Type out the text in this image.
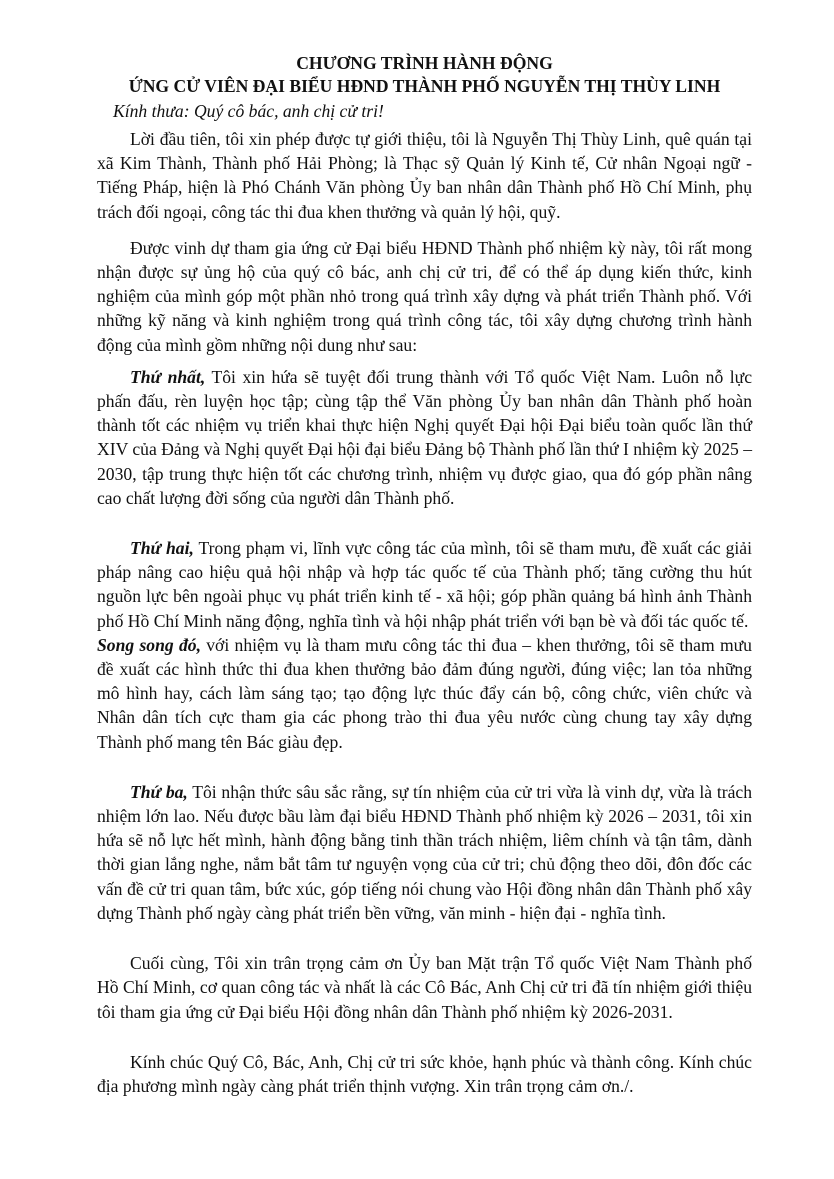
CHƯƠNG TRÌNH HÀNH ĐỘNG
ỨNG CỬ VIÊN ĐẠI BIỂU HĐND THÀNH PHỐ NGUYỄN THỊ THÙY LINH

Kính thưa: Quý cô bác, anh chị cử tri!

Lời đầu tiên, tôi xin phép được tự giới thiệu, tôi là Nguyễn Thị Thùy Linh, quê quán tại xã Kim Thành, Thành phố Hải Phòng; là Thạc sỹ Quản lý Kinh tế, Cử nhân Ngoại ngữ - Tiếng Pháp, hiện là Phó Chánh Văn phòng Ủy ban nhân dân Thành phố Hồ Chí Minh, phụ trách đối ngoại, công tác thi đua khen thưởng và quản lý hội, quỹ.

Được vinh dự tham gia ứng cử Đại biểu HĐND Thành phố nhiệm kỳ này, tôi rất mong nhận được sự ủng hộ của quý cô bác, anh chị cử tri, để có thể áp dụng kiến thức, kinh nghiệm của mình góp một phần nhỏ trong quá trình xây dựng và phát triển Thành phố. Với những kỹ năng và kinh nghiệm trong quá trình công tác, tôi xây dựng chương trình hành động của mình gồm những nội dung như sau:

Thứ nhất, Tôi xin hứa sẽ tuyệt đối trung thành với Tổ quốc Việt Nam. Luôn nỗ lực phấn đấu, rèn luyện học tập; cùng tập thể Văn phòng Ủy ban nhân dân Thành phố hoàn thành tốt các nhiệm vụ triển khai thực hiện Nghị quyết Đại hội Đại biểu toàn quốc lần thứ XIV của Đảng và Nghị quyết Đại hội đại biểu Đảng bộ Thành phố lần thứ I nhiệm kỳ 2025 – 2030, tập trung thực hiện tốt các chương trình, nhiệm vụ được giao, qua đó góp phần nâng cao chất lượng đời sống của người dân Thành phố.

Thứ hai, Trong phạm vi, lĩnh vực công tác của mình, tôi sẽ tham mưu, đề xuất các giải pháp nâng cao hiệu quả hội nhập và hợp tác quốc tế của Thành phố; tăng cường thu hút nguồn lực bên ngoài phục vụ phát triển kinh tế - xã hội; góp phần quảng bá hình ảnh Thành phố Hồ Chí Minh năng động, nghĩa tình và hội nhập phát triển với bạn bè và đối tác quốc tế.

Song song đó, với nhiệm vụ là tham mưu công tác thi đua – khen thưởng, tôi sẽ tham mưu đề xuất các hình thức thi đua khen thưởng bảo đảm đúng người, đúng việc; lan tỏa những mô hình hay, cách làm sáng tạo; tạo động lực thúc đẩy cán bộ, công chức, viên chức và Nhân dân tích cực tham gia các phong trào thi đua yêu nước cùng chung tay xây dựng Thành phố mang tên Bác giàu đẹp.

Thứ ba, Tôi nhận thức sâu sắc rằng, sự tín nhiệm của cử tri vừa là vinh dự, vừa là trách nhiệm lớn lao. Nếu được bầu làm đại biểu HĐND Thành phố nhiệm kỳ 2026 – 2031, tôi xin hứa sẽ nỗ lực hết mình, hành động bằng tinh thần trách nhiệm, liêm chính và tận tâm, dành thời gian lắng nghe, nắm bắt tâm tư nguyện vọng của cử tri; chủ động theo dõi, đôn đốc các vấn đề cử tri quan tâm, bức xúc, góp tiếng nói chung vào Hội đồng nhân dân Thành phố xây dựng Thành phố ngày càng phát triển bền vững, văn minh - hiện đại - nghĩa tình.

Cuối cùng, Tôi xin trân trọng cảm ơn Ủy ban Mặt trận Tổ quốc Việt Nam Thành phố Hồ Chí Minh, cơ quan công tác và nhất là các Cô Bác, Anh Chị cử tri đã tín nhiệm giới thiệu tôi tham gia ứng cử Đại biểu Hội đồng nhân dân Thành phố nhiệm kỳ 2026-2031.

Kính chúc Quý Cô, Bác, Anh, Chị cử tri sức khỏe, hạnh phúc và thành công. Kính chúc địa phương mình ngày càng phát triển thịnh vượng. Xin trân trọng cảm ơn./.
